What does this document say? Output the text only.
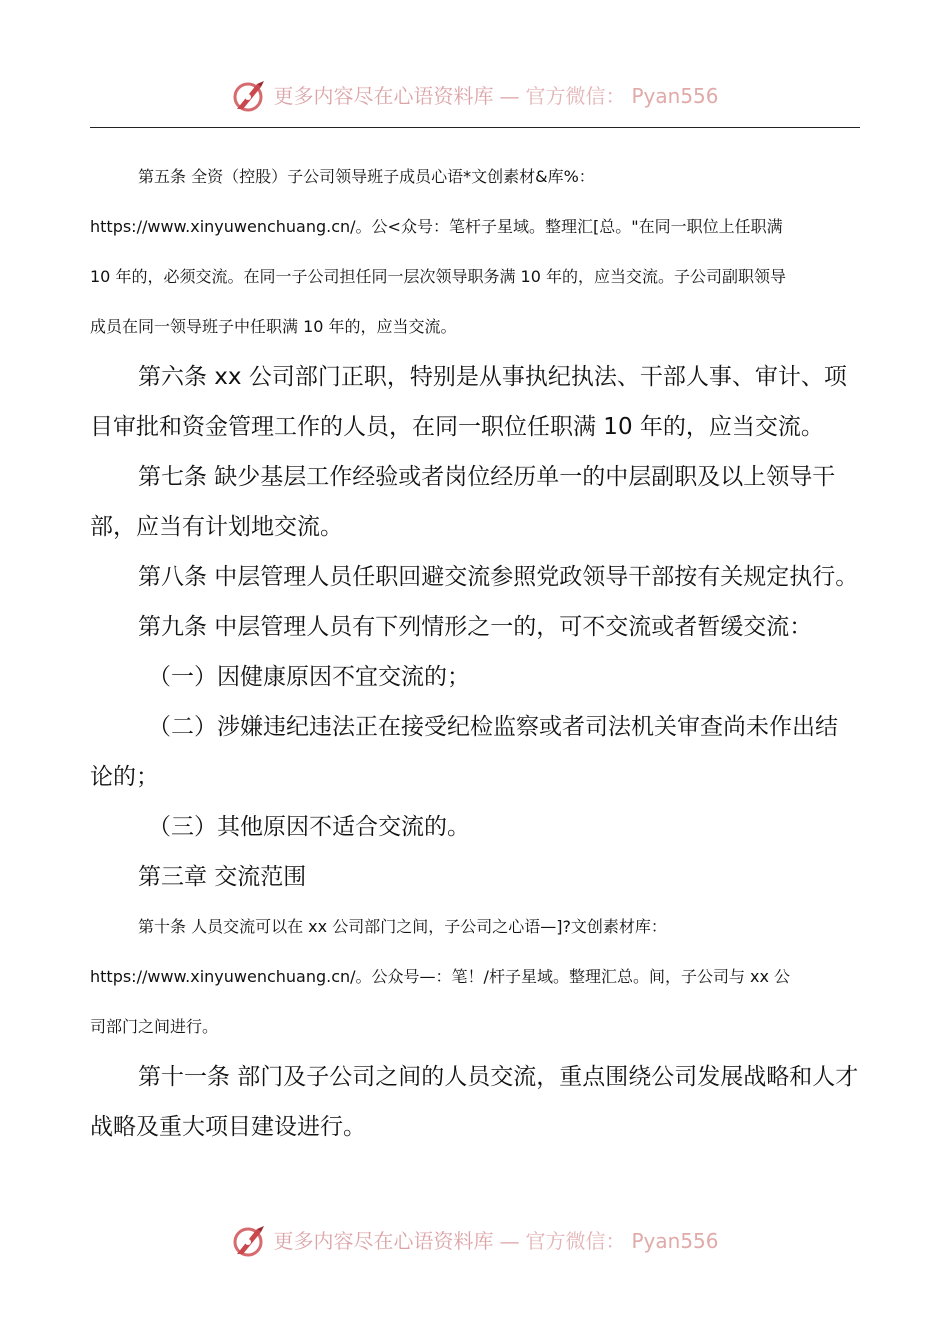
更多内容尽在心语资料库 — 官方微信： Pyan556

第五条 全资（控股）子公司领导班子成员心语*文创素材&库%：

https://www.xinyuwenchuang.cn/。公<众号：笔杆子星域。整理汇[总。"在同一职位上任职满

10 年的，必须交流。在同一子公司担任同一层次领导职务满 10 年的，应当交流。子公司副职领导

成员在同一领导班子中任职满 10 年的，应当交流。

第六条 xx 公司部门正职，特别是从事执纪执法、干部人事、审计、项目审批和资金管理工作的人员，在同一职位任职满 10 年的，应当交流。

第七条 缺少基层工作经验或者岗位经历单一的中层副职及以上领导干部，应当有计划地交流。

第八条 中层管理人员任职回避交流参照党政领导干部按有关规定执行。

第九条 中层管理人员有下列情形之一的，可不交流或者暂缓交流：

（一）因健康原因不宜交流的；

（二）涉嫌违纪违法正在接受纪检监察或者司法机关审查尚未作出结论的；

（三）其他原因不适合交流的。

第三章 交流范围

第十条 人员交流可以在 xx 公司部门之间，子公司之心语—]?文创素材库：

https://www.xinyuwenchuang.cn/。公众号—：笔！/杆子星域。整理汇总。间，子公司与 xx 公

司部门之间进行。

第十一条 部门及子公司之间的人员交流，重点围绕公司发展战略和人才战略及重大项目建设进行。

更多内容尽在心语资料库 — 官方微信： Pyan556
